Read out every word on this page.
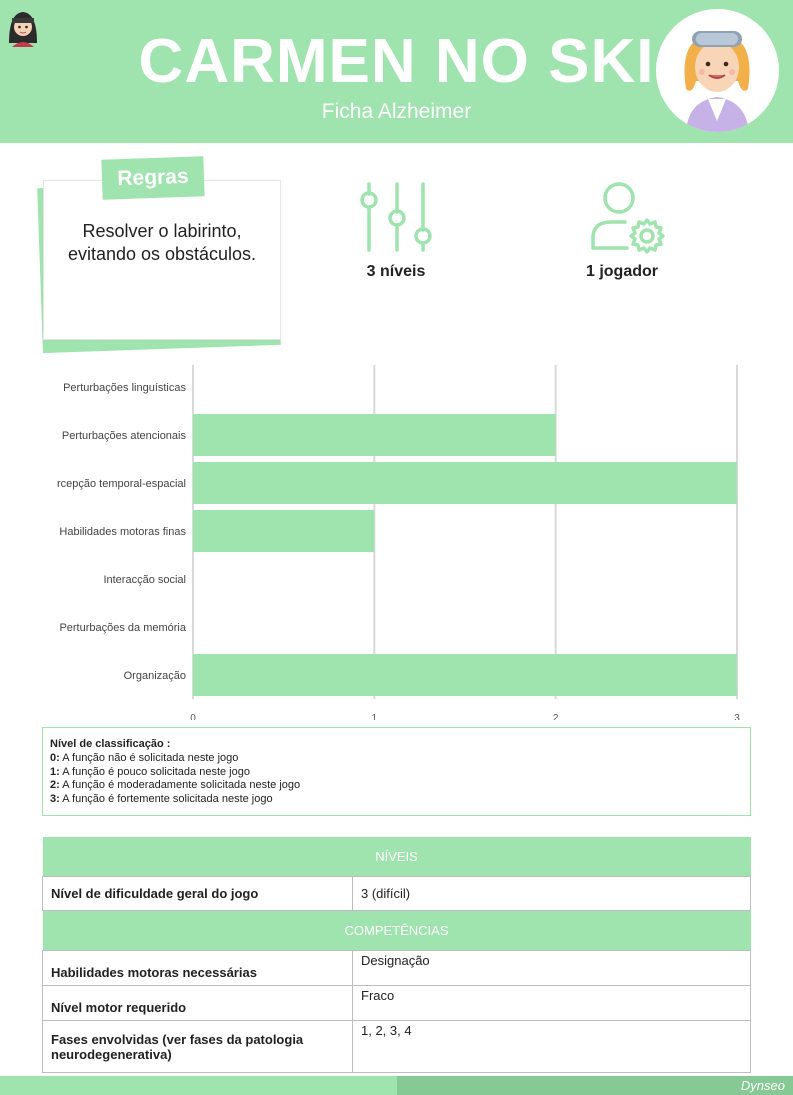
CARMEN NO SKI
Ficha Alzheimer
Regras
Resolver o labirinto, evitando os obstáculos.
3 níveis	1 jogador
0	1	2	3
Perturbações linguísticas
Perturbações atencionais
rcepção temporal-espacial
Habilidades motoras finas
Interacção social
Perturbações da memória
Organização
Nível de classificação :
0: A função não é solicitada neste jogo
1: A função é pouco solicitada neste jogo
2: A função é moderadamente solicitada neste jogo
3: A função é fortemente solicitada neste jogo
NÍVEIS	
Nível de dificuldade geral do jogo	3 (difícil)
COMPETÊNCIAS	
Habilidades motoras necessárias	Designação
Nível motor requerido	Fraco
Fases envolvidas (ver fases da patologia neurodegenerativa)	1, 2, 3, 4
Dynseo
